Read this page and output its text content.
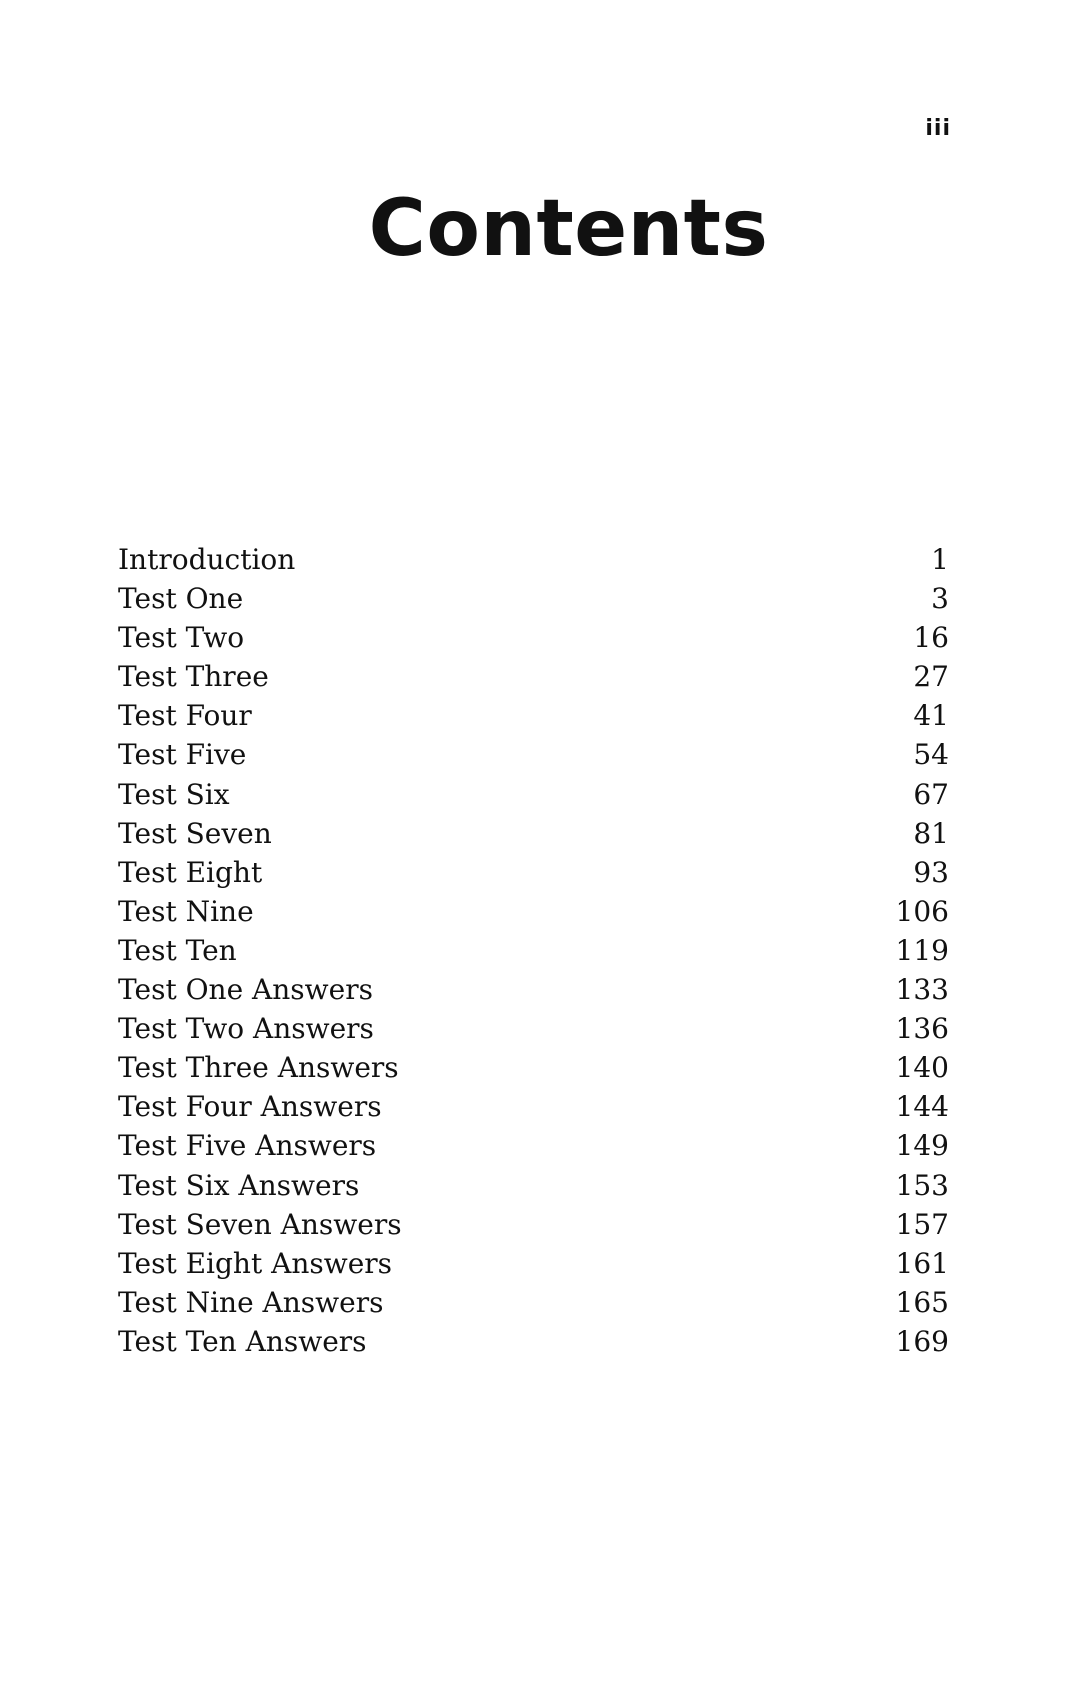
iii
Contents
Introduction	1
Test One	3
Test Two	16
Test Three	27
Test Four	41
Test Five	54
Test Six	67
Test Seven	81
Test Eight	93
Test Nine	106
Test Ten	119
Test One Answers	133
Test Two Answers	136
Test Three Answers	140
Test Four Answers	144
Test Five Answers	149
Test Six Answers	153
Test Seven Answers	157
Test Eight Answers	161
Test Nine Answers	165
Test Ten Answers	169
